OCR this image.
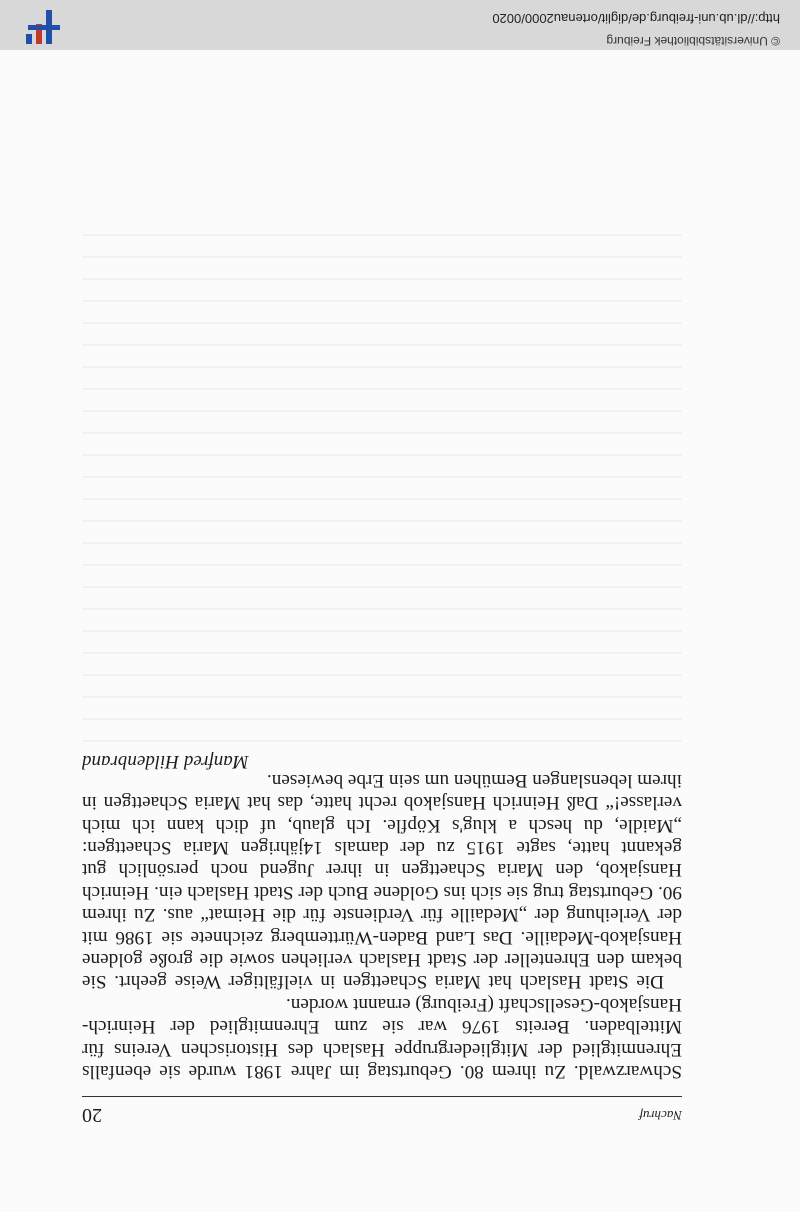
Nachruf
20

Schwarzwald. Zu ihrem 80. Geburtstag im Jahre 1981 wurde sie ebenfalls Ehrenmitglied der Mitgliedergruppe Haslach des Historischen Vereins für Mittelbaden. Bereits 1976 war sie zum Ehrenmitglied der Heinrich-Hansjakob-Gesellschaft (Freiburg) ernannt worden.

Die Stadt Haslach hat Maria Schaettgen in vielfältiger Weise geehrt. Sie bekam den Ehrenteller der Stadt Haslach verliehen sowie die große goldene Hansjakob-Medaille. Das Land Baden-Württemberg zeichnete sie 1986 mit der Verleihung der „Medaille für Verdienste für die Heimat“ aus. Zu ihrem 90. Geburtstag trug sie sich ins Goldene Buch der Stadt Haslach ein. Heinrich Hansjakob, den Maria Schaettgen in ihrer Jugend noch persönlich gut gekannt hatte, sagte 1915 zu der damals 14jährigen Maria Schaettgen: „Maidle, du hesch a klug's Köpfle. Ich glaub, uf dich kann ich mich verlasse!“ Daß Heinrich Hansjakob recht hatte, das hat Maria Schaettgen in ihrem lebenslangen Bemühen um sein Erbe bewiesen.

Manfred Hildenbrand
© Universitätsbibliothek Freiburg
http://dl.ub.uni-freiburg.de/diglit/ortenau2000/0020
